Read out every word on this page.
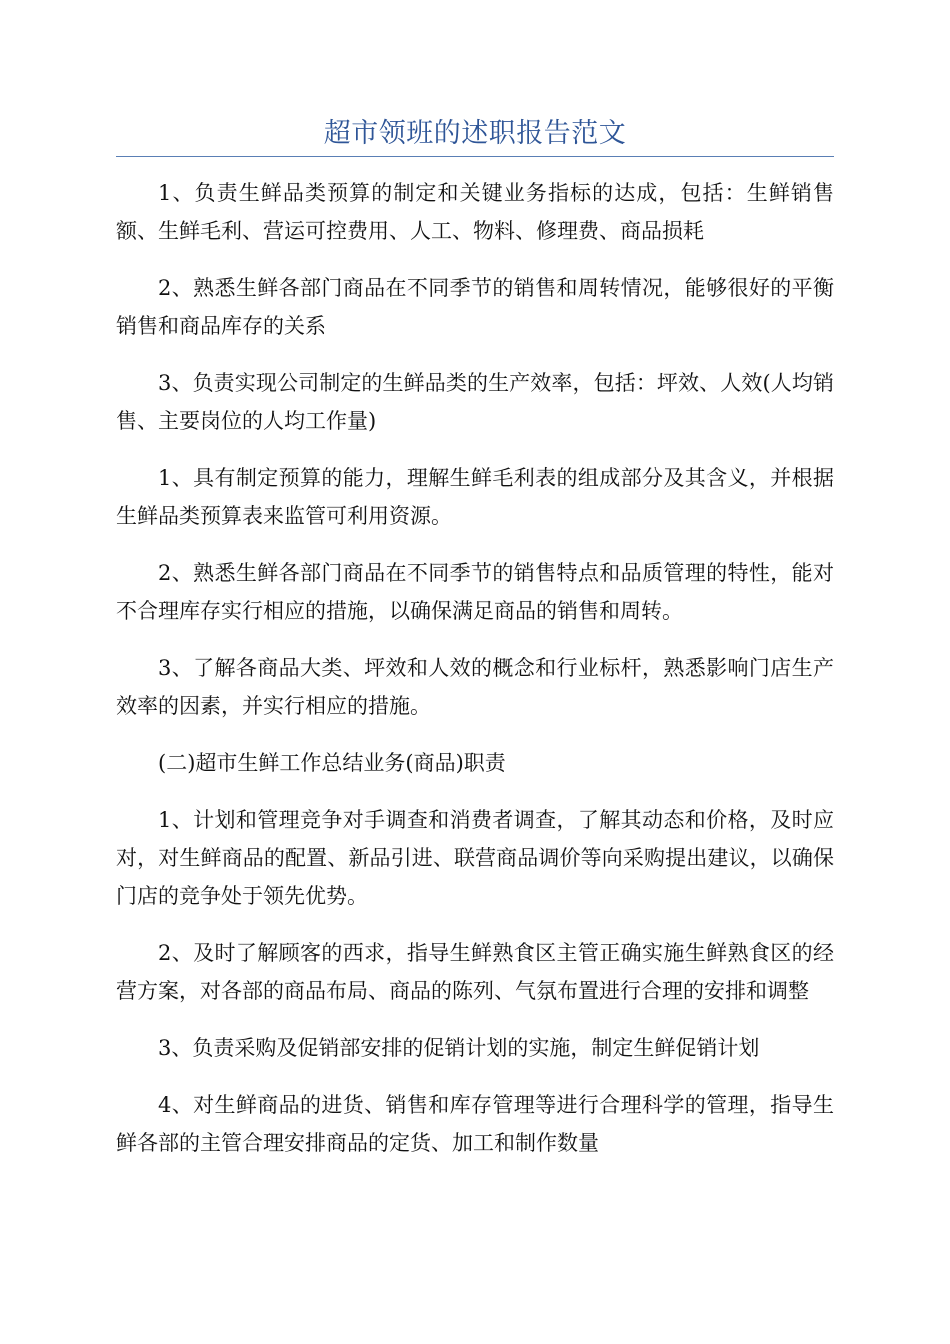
超市领班的述职报告范文

1、负责生鲜品类预算的制定和关键业务指标的达成，包括：生鲜销售额、生鲜毛利、营运可控费用、人工、物料、修理费、商品损耗

2、熟悉生鲜各部门商品在不同季节的销售和周转情况，能够很好的平衡销售和商品库存的关系

3、负责实现公司制定的生鲜品类的生产效率，包括：坪效、人效(人均销售、主要岗位的人均工作量)

1、具有制定预算的能力，理解生鲜毛利表的组成部分及其含义，并根据生鲜品类预算表来监管可利用资源。

2、熟悉生鲜各部门商品在不同季节的销售特点和品质管理的特性，能对不合理库存实行相应的措施，以确保满足商品的销售和周转。

3、了解各商品大类、坪效和人效的概念和行业标杆，熟悉影响门店生产效率的因素，并实行相应的措施。

(二)超市生鲜工作总结业务(商品)职责

1、计划和管理竞争对手调查和消费者调查，了解其动态和价格，及时应对，对生鲜商品的配置、新品引进、联营商品调价等向采购提出建议，以确保门店的竞争处于领先优势。

2、及时了解顾客的西求，指导生鲜熟食区主管正确实施生鲜熟食区的经营方案，对各部的商品布局、商品的陈列、气氛布置进行合理的安排和调整

3、负责采购及促销部安排的促销计划的实施，制定生鲜促销计划

4、对生鲜商品的进货、销售和库存管理等进行合理科学的管理，指导生鲜各部的主管合理安排商品的定货、加工和制作数量
